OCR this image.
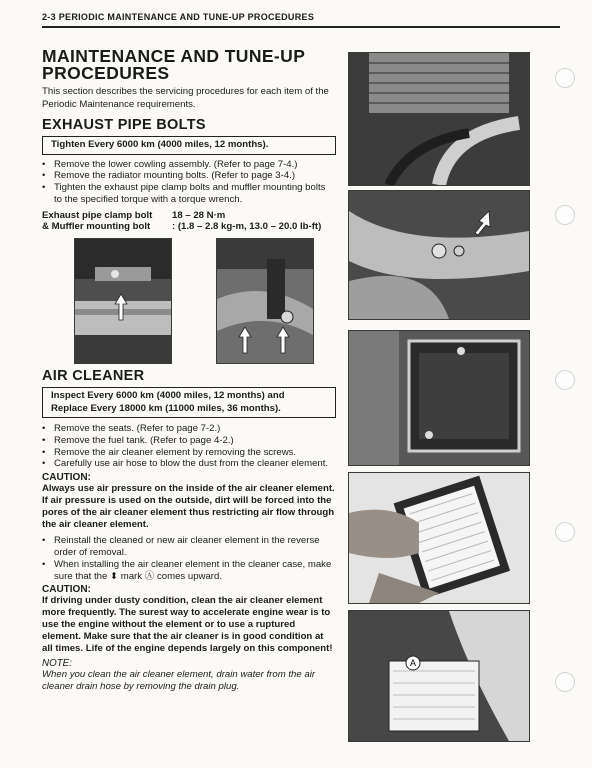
2-3 PERIODIC MAINTENANCE AND TUNE-UP PROCEDURES
MAINTENANCE AND TUNE-UP
PROCEDURES

This section describes the servicing procedures for each item of the Periodic Maintenance requirements.

EXHAUST PIPE BOLTS
Tighten Every 6000 km (4000 miles, 12 months).
• Remove the lower cowling assembly. (Refer to page 7-4.)
• Remove the radiator mounting bolts. (Refer to page 3-4.)
• Tighten the exhaust pipe clamp bolts and muffler mounting bolts to the specified torque with a torque wrench.
Exhaust pipe clamp bolt	18 – 28 N·m
& Muffler mounting bolt	: (1.8 – 2.8 kg-m, 13.0 – 20.0 lb-ft)
AIR CLEANER
Inspect Every 6000 km (4000 miles, 12 months) and
Replace Every 18000 km (11000 miles, 36 months).
• Remove the seats. (Refer to page 7-2.)
• Remove the fuel tank. (Refer to page 4-2.)
• Remove the air cleaner element by removing the screws.
• Carefully use air hose to blow the dust from the cleaner element.

CAUTION:

Always use air pressure on the inside of the air cleaner element. If air pressure is used on the outside, dirt will be forced into the pores of the air cleaner element thus restricting air flow through the air cleaner element.

• Reinstall the cleaned or new air cleaner element in the reverse order of removal.
• When installing the air cleaner element in the cleaner case, make sure that the ⬍ mark Ⓐ comes upward.

CAUTION:

If driving under dusty condition, clean the air cleaner element more frequently. The surest way to accelerate engine wear is to use the engine without the element or to use a ruptured element. Make sure that the air cleaner is in good condition at all times. Life of the engine depends largely on this component!

NOTE:

When you clean the air cleaner element, drain water from the air cleaner drain hose by removing the drain plug.

A
